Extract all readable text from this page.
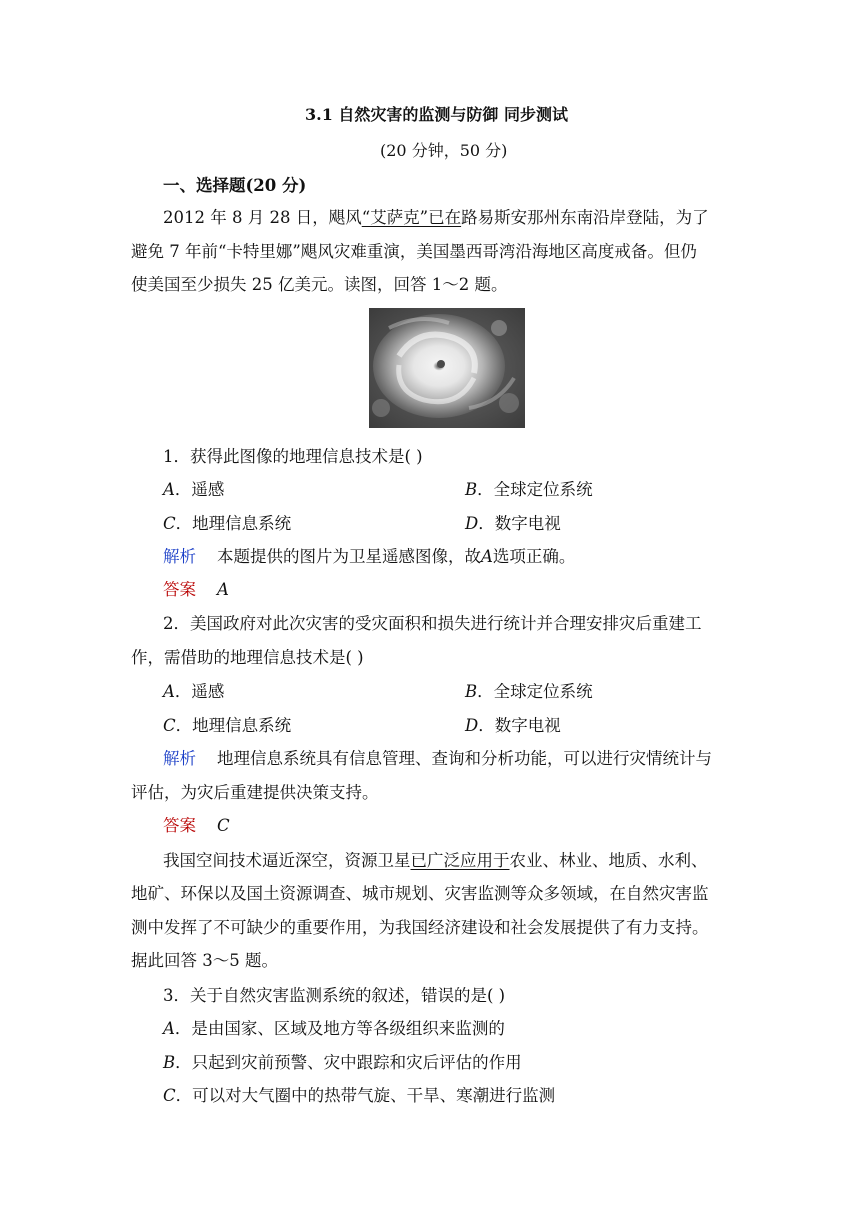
3.1 自然灾害的监测与防御 同步测试
(20 分钟，50 分)
一、选择题(20 分)
2012 年 8 月 28 日，飓风“艾萨克”已在路易斯安那州东南沿岸登陆，为了
避免 7 年前“卡特里娜”飓风灾难重演，美国墨西哥湾沿海地区高度戒备。但仍
使美国至少损失 25 亿美元。读图，回答 1～2 题。
1．获得此图像的地理信息技术是( )
A．遥感	B．全球定位系统
C．地理信息系统	D．数字电视
解析 本题提供的图片为卫星遥感图像，故A选项正确。
答案 A
2．美国政府对此次灾害的受灾面积和损失进行统计并合理安排灾后重建工
作，需借助的地理信息技术是( )
A．遥感	B．全球定位系统
C．地理信息系统	D．数字电视
解析 地理信息系统具有信息管理、查询和分析功能，可以进行灾情统计与
评估，为灾后重建提供决策支持。
答案 C
我国空间技术逼近深空，资源卫星已广泛应用于农业、林业、地质、水利、
地矿、环保以及国土资源调查、城市规划、灾害监测等众多领域，在自然灾害监
测中发挥了不可缺少的重要作用，为我国经济建设和社会发展提供了有力支持。
据此回答 3～5 题。
3．关于自然灾害监测系统的叙述，错误的是( )
A．是由国家、区域及地方等各级组织来监测的
B．只起到灾前预警、灾中跟踪和灾后评估的作用
C．可以对大气圈中的热带气旋、干旱、寒潮进行监测
